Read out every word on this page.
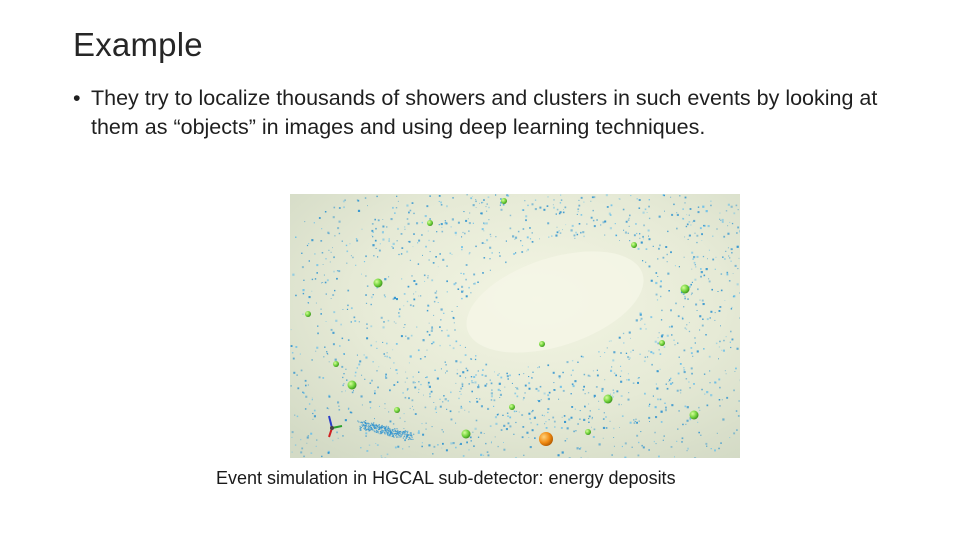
Example
• They try to localize thousands of showers and clusters in such events by looking at them as “objects” in images and using deep learning techniques.
Event simulation in HGCAL sub-detector: energy deposits
